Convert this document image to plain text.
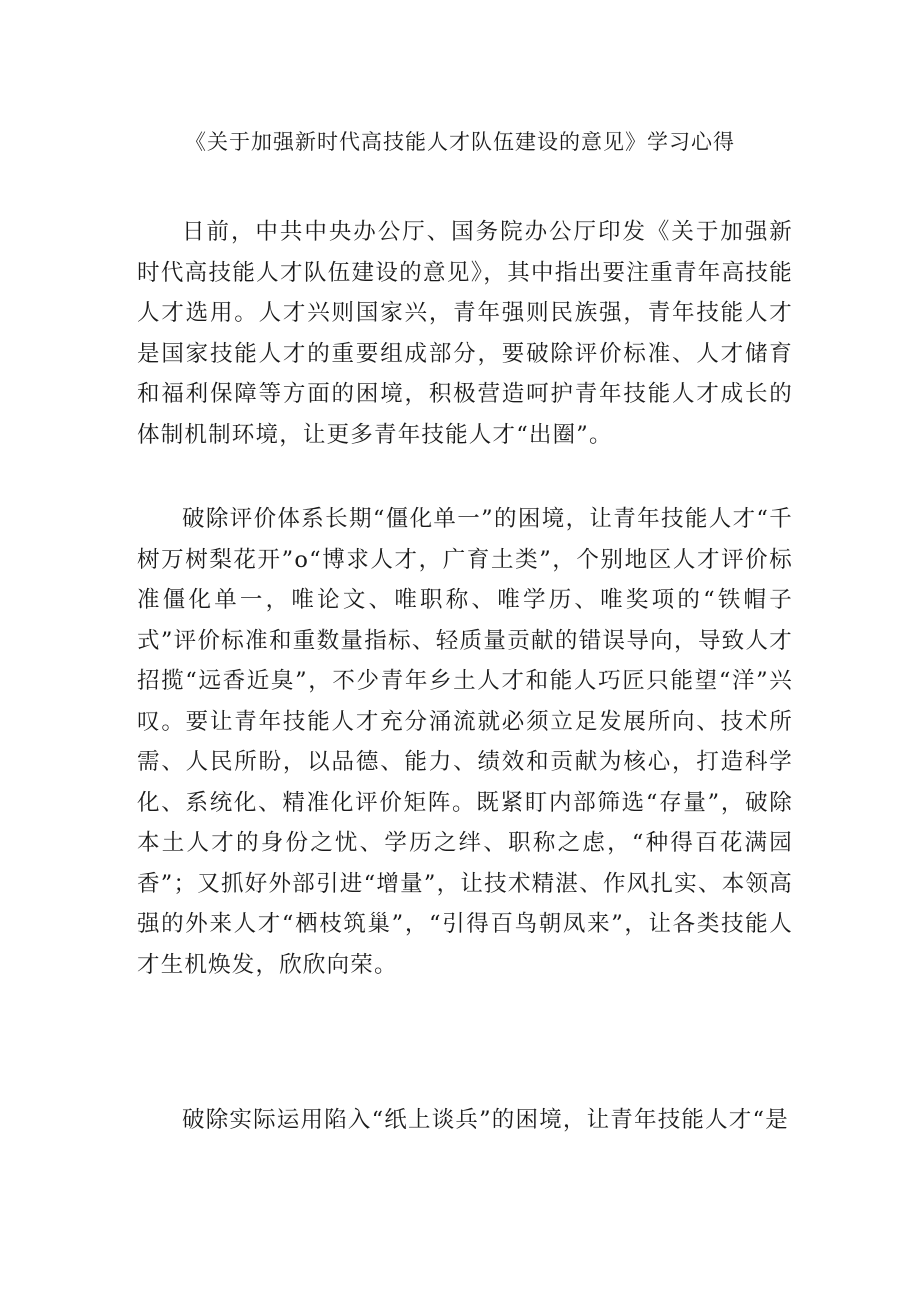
《关于加强新时代高技能人才队伍建设的意见》学习心得

日前，中共中央办公厅、国务院办公厅印发《关于加强新时代高技能人才队伍建设的意见》，其中指出要注重青年高技能人才选用。人才兴则国家兴，青年强则民族强，青年技能人才是国家技能人才的重要组成部分，要破除评价标准、人才储育和福利保障等方面的困境，积极营造呵护青年技能人才成长的体制机制环境，让更多青年技能人才“出圈”。

破除评价体系长期“僵化单一”的困境，让青年技能人才“千树万树梨花开”o“博求人才，广育土类”，个别地区人才评价标准僵化单一，唯论文、唯职称、唯学历、唯奖项的“铁帽子式”评价标准和重数量指标、轻质量贡献的错误导向，导致人才招揽“远香近臭”，不少青年乡土人才和能人巧匠只能望“洋”兴叹。要让青年技能人才充分涌流就必须立足发展所向、技术所需、人民所盼，以品德、能力、绩效和贡献为核心，打造科学化、系统化、精准化评价矩阵。既紧盯内部筛选“存量”，破除本土人才的身份之忧、学历之绊、职称之虑，“种得百花满园香”；又抓好外部引进“增量”，让技术精湛、作风扎实、本领高强的外来人才“栖枝筑巢”，“引得百鸟朝凤来”，让各类技能人才生机焕发，欣欣向荣。

破除实际运用陷入“纸上谈兵”的困境，让青年技能人才“是
